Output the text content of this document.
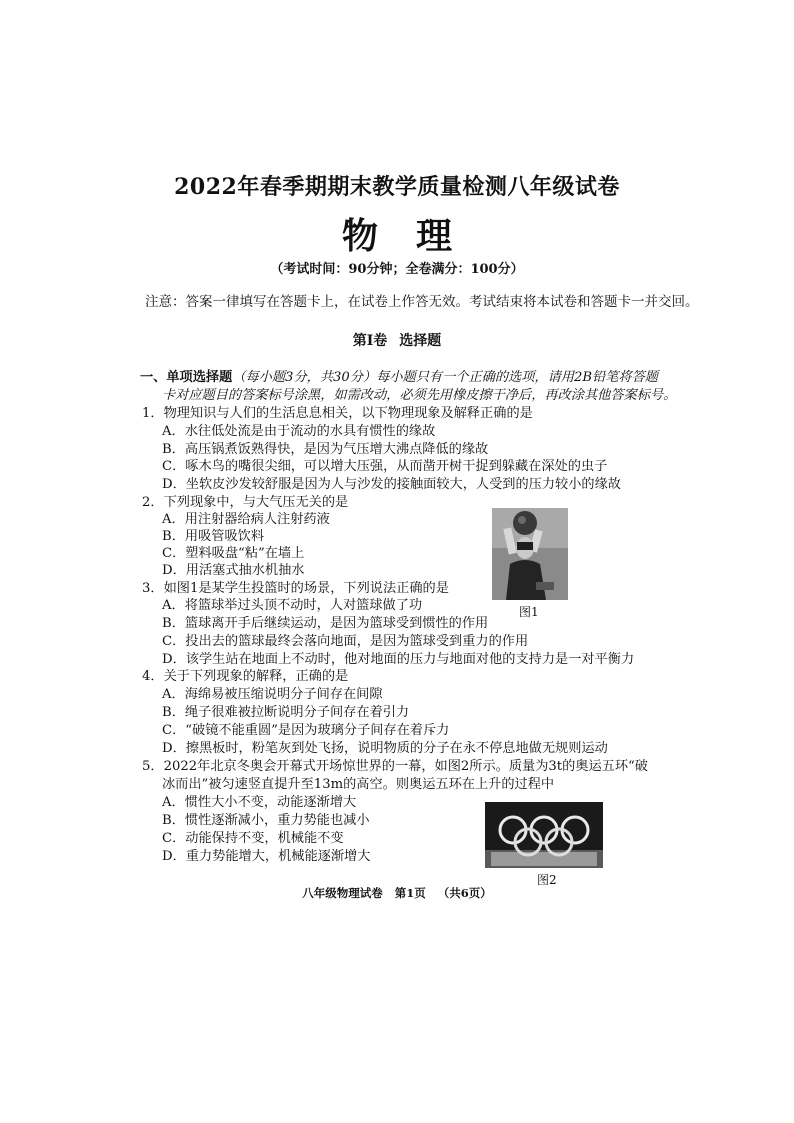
2022年春季期期末教学质量检测八年级试卷
物理
（考试时间：90分钟；全卷满分：100分）
注意：答案一律填写在答题卡上，在试卷上作答无效。考试结束将本试卷和答题卡一并交回。
第Ⅰ卷 选择题
一、单项选择题（每小题3分，共30分）每小题只有一个正确的选项，请用2B铅笔将答题
卡对应题目的答案标号涂黑，如需改动，必须先用橡皮擦干净后，再改涂其他答案标号。
1．物理知识与人们的生活息息相关，以下物理现象及解释正确的是
A．水往低处流是由于流动的水具有惯性的缘故
B．高压锅煮饭熟得快，是因为气压增大沸点降低的缘故
C．啄木鸟的嘴很尖细，可以增大压强，从而凿开树干捉到躲藏在深处的虫子
D．坐软皮沙发较舒服是因为人与沙发的接触面较大，人受到的压力较小的缘故
2．下列现象中，与大气压无关的是
A．用注射器给病人注射药液
B．用吸管吸饮料
C．塑料吸盘“粘”在墙上
D．用活塞式抽水机抽水
图1
3．如图1是某学生投篮时的场景，下列说法正确的是
A．将篮球举过头顶不动时，人对篮球做了功
B．篮球离开手后继续运动，是因为篮球受到惯性的作用
C．投出去的篮球最终会落向地面，是因为篮球受到重力的作用
D．该学生站在地面上不动时，他对地面的压力与地面对他的支持力是一对平衡力
4．关于下列现象的解释，正确的是
A．海绵易被压缩说明分子间存在间隙
B．绳子很难被拉断说明分子间存在着引力
C．“破镜不能重圆”是因为玻璃分子间存在着斥力
D．擦黑板时，粉笔灰到处飞扬，说明物质的分子在永不停息地做无规则运动
5．2022年北京冬奥会开幕式开场惊世界的一幕，如图2所示。质量为3t的奥运五环“破
冰而出”被匀速竖直提升至13m的高空。则奥运五环在上升的过程中
A．惯性大小不变，动能逐渐增大
B．惯性逐渐减小，重力势能也减小
C．动能保持不变，机械能不变
D．重力势能增大，机械能逐渐增大
图2
八年级物理试卷 第1页 （共6页）
